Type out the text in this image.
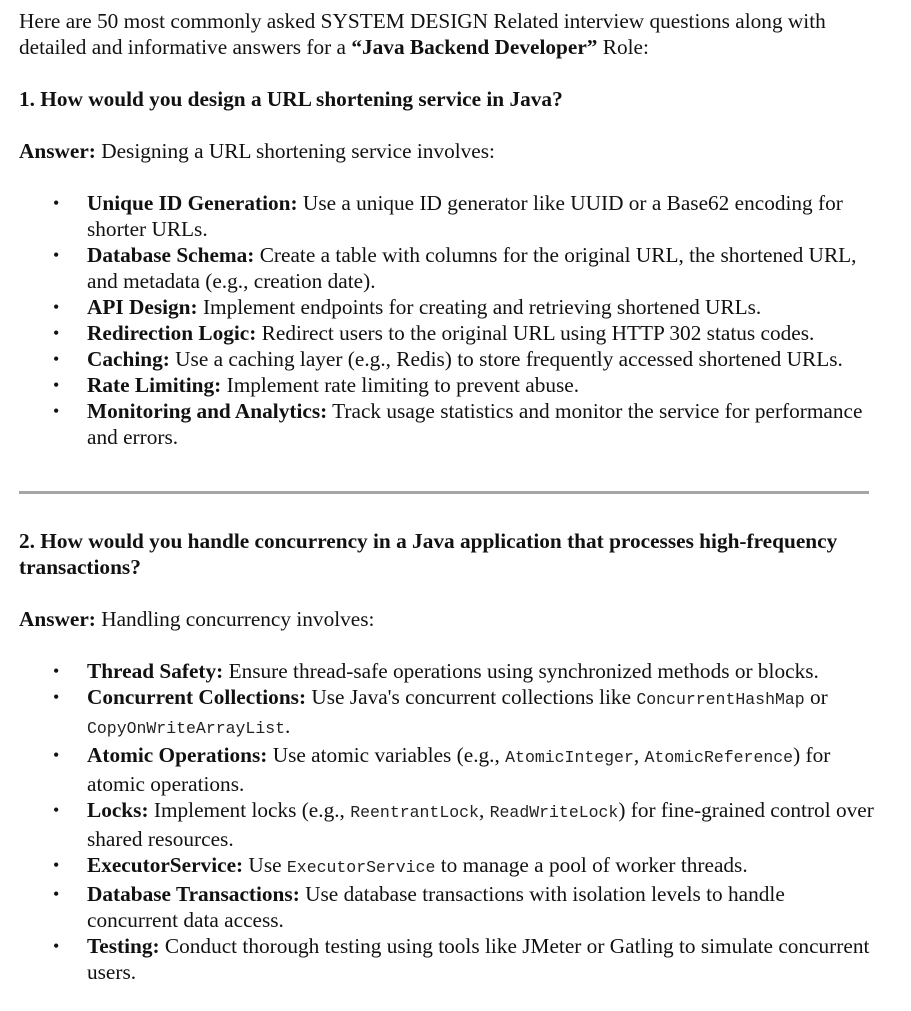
Here are 50 most commonly asked SYSTEM DESIGN Related interview questions along with detailed and informative answers for a “Java Backend Developer” Role:

1. How would you design a URL shortening service in Java?

Answer: Designing a URL shortening service involves:

• Unique ID Generation: Use a unique ID generator like UUID or a Base62 encoding for shorter URLs.
• Database Schema: Create a table with columns for the original URL, the shortened URL, and metadata (e.g., creation date).
• API Design: Implement endpoints for creating and retrieving shortened URLs.
• Redirection Logic: Redirect users to the original URL using HTTP 302 status codes.
• Caching: Use a caching layer (e.g., Redis) to store frequently accessed shortened URLs.
• Rate Limiting: Implement rate limiting to prevent abuse.
• Monitoring and Analytics: Track usage statistics and monitor the service for performance and errors.

2. How would you handle concurrency in a Java application that processes high-frequency transactions?

Answer: Handling concurrency involves:

• Thread Safety: Ensure thread-safe operations using synchronized methods or blocks.
• Concurrent Collections: Use Java's concurrent collections like ConcurrentHashMap or CopyOnWriteArrayList.
• Atomic Operations: Use atomic variables (e.g., AtomicInteger, AtomicReference) for atomic operations.
• Locks: Implement locks (e.g., ReentrantLock, ReadWriteLock) for fine-grained control over shared resources.
• ExecutorService: Use ExecutorService to manage a pool of worker threads.
• Database Transactions: Use database transactions with isolation levels to handle concurrent data access.
• Testing: Conduct thorough testing using tools like JMeter or Gatling to simulate concurrent users.
